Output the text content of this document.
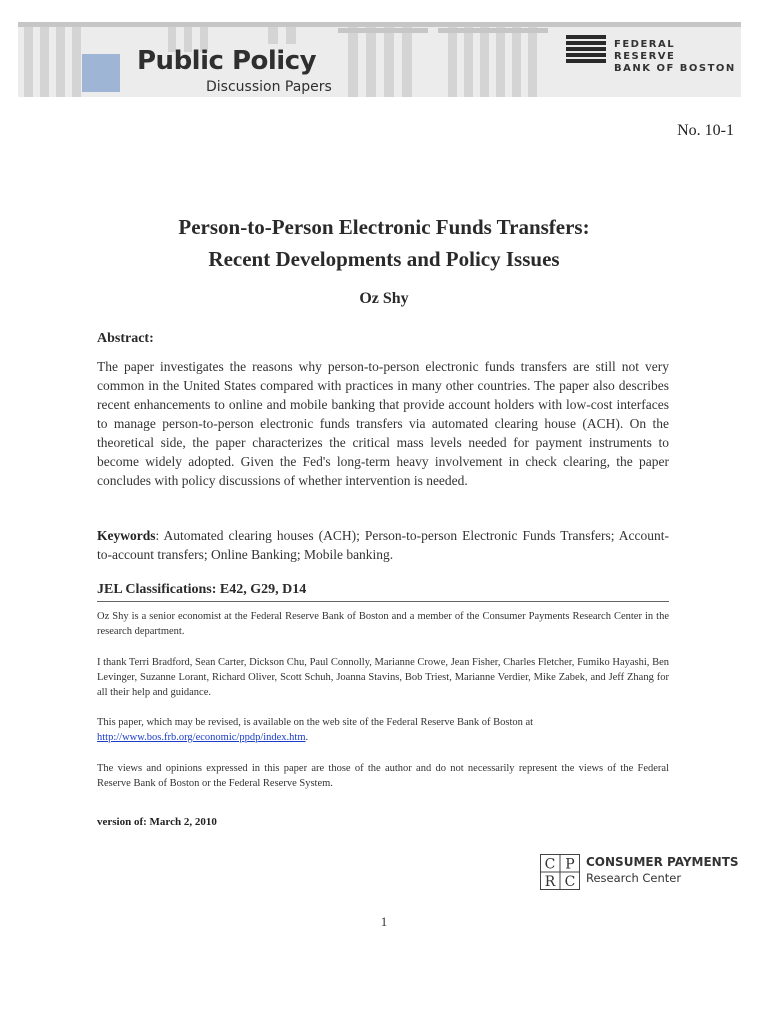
Public Policy
Discussion Papers
FEDERAL RESERVE
BANK OF BOSTON
No. 10-1
Person-to-Person Electronic Funds Transfers:
Recent Developments and Policy Issues
Oz Shy
Abstract:
The paper investigates the reasons why person-to-person electronic funds transfers are still not very common in the United States compared with practices in many other countries. The paper also describes recent enhancements to online and mobile banking that provide account holders with low-cost interfaces to manage person-to-person electronic funds transfers via automated clearing house (ACH). On the theoretical side, the paper characterizes the critical mass levels needed for payment instruments to become widely adopted. Given the Fed's long-term heavy involvement in check clearing, the paper concludes with policy discussions of whether intervention is needed.
Keywords: Automated clearing houses (ACH); Person-to-person Electronic Funds Transfers; Account-to-account transfers; Online Banking; Mobile banking.
JEL Classifications: E42, G29, D14
Oz Shy is a senior economist at the Federal Reserve Bank of Boston and a member of the Consumer Payments Research Center in the research department.
I thank Terri Bradford, Sean Carter, Dickson Chu, Paul Connolly, Marianne Crowe, Jean Fisher, Charles Fletcher, Fumiko Hayashi, Ben Levinger, Suzanne Lorant, Richard Oliver, Scott Schuh, Joanna Stavins, Bob Triest, Marianne Verdier, Mike Zabek, and Jeff Zhang for all their help and guidance.
This paper, which may be revised, is available on the web site of the Federal Reserve Bank of Boston at
http://www.bos.frb.org/economic/ppdp/index.htm.
The views and opinions expressed in this paper are those of the author and do not necessarily represent the views of the Federal Reserve Bank of Boston or the Federal Reserve System.
version of: March 2, 2010
C P
R C
CONSUMER PAYMENTS
Research Center
1
